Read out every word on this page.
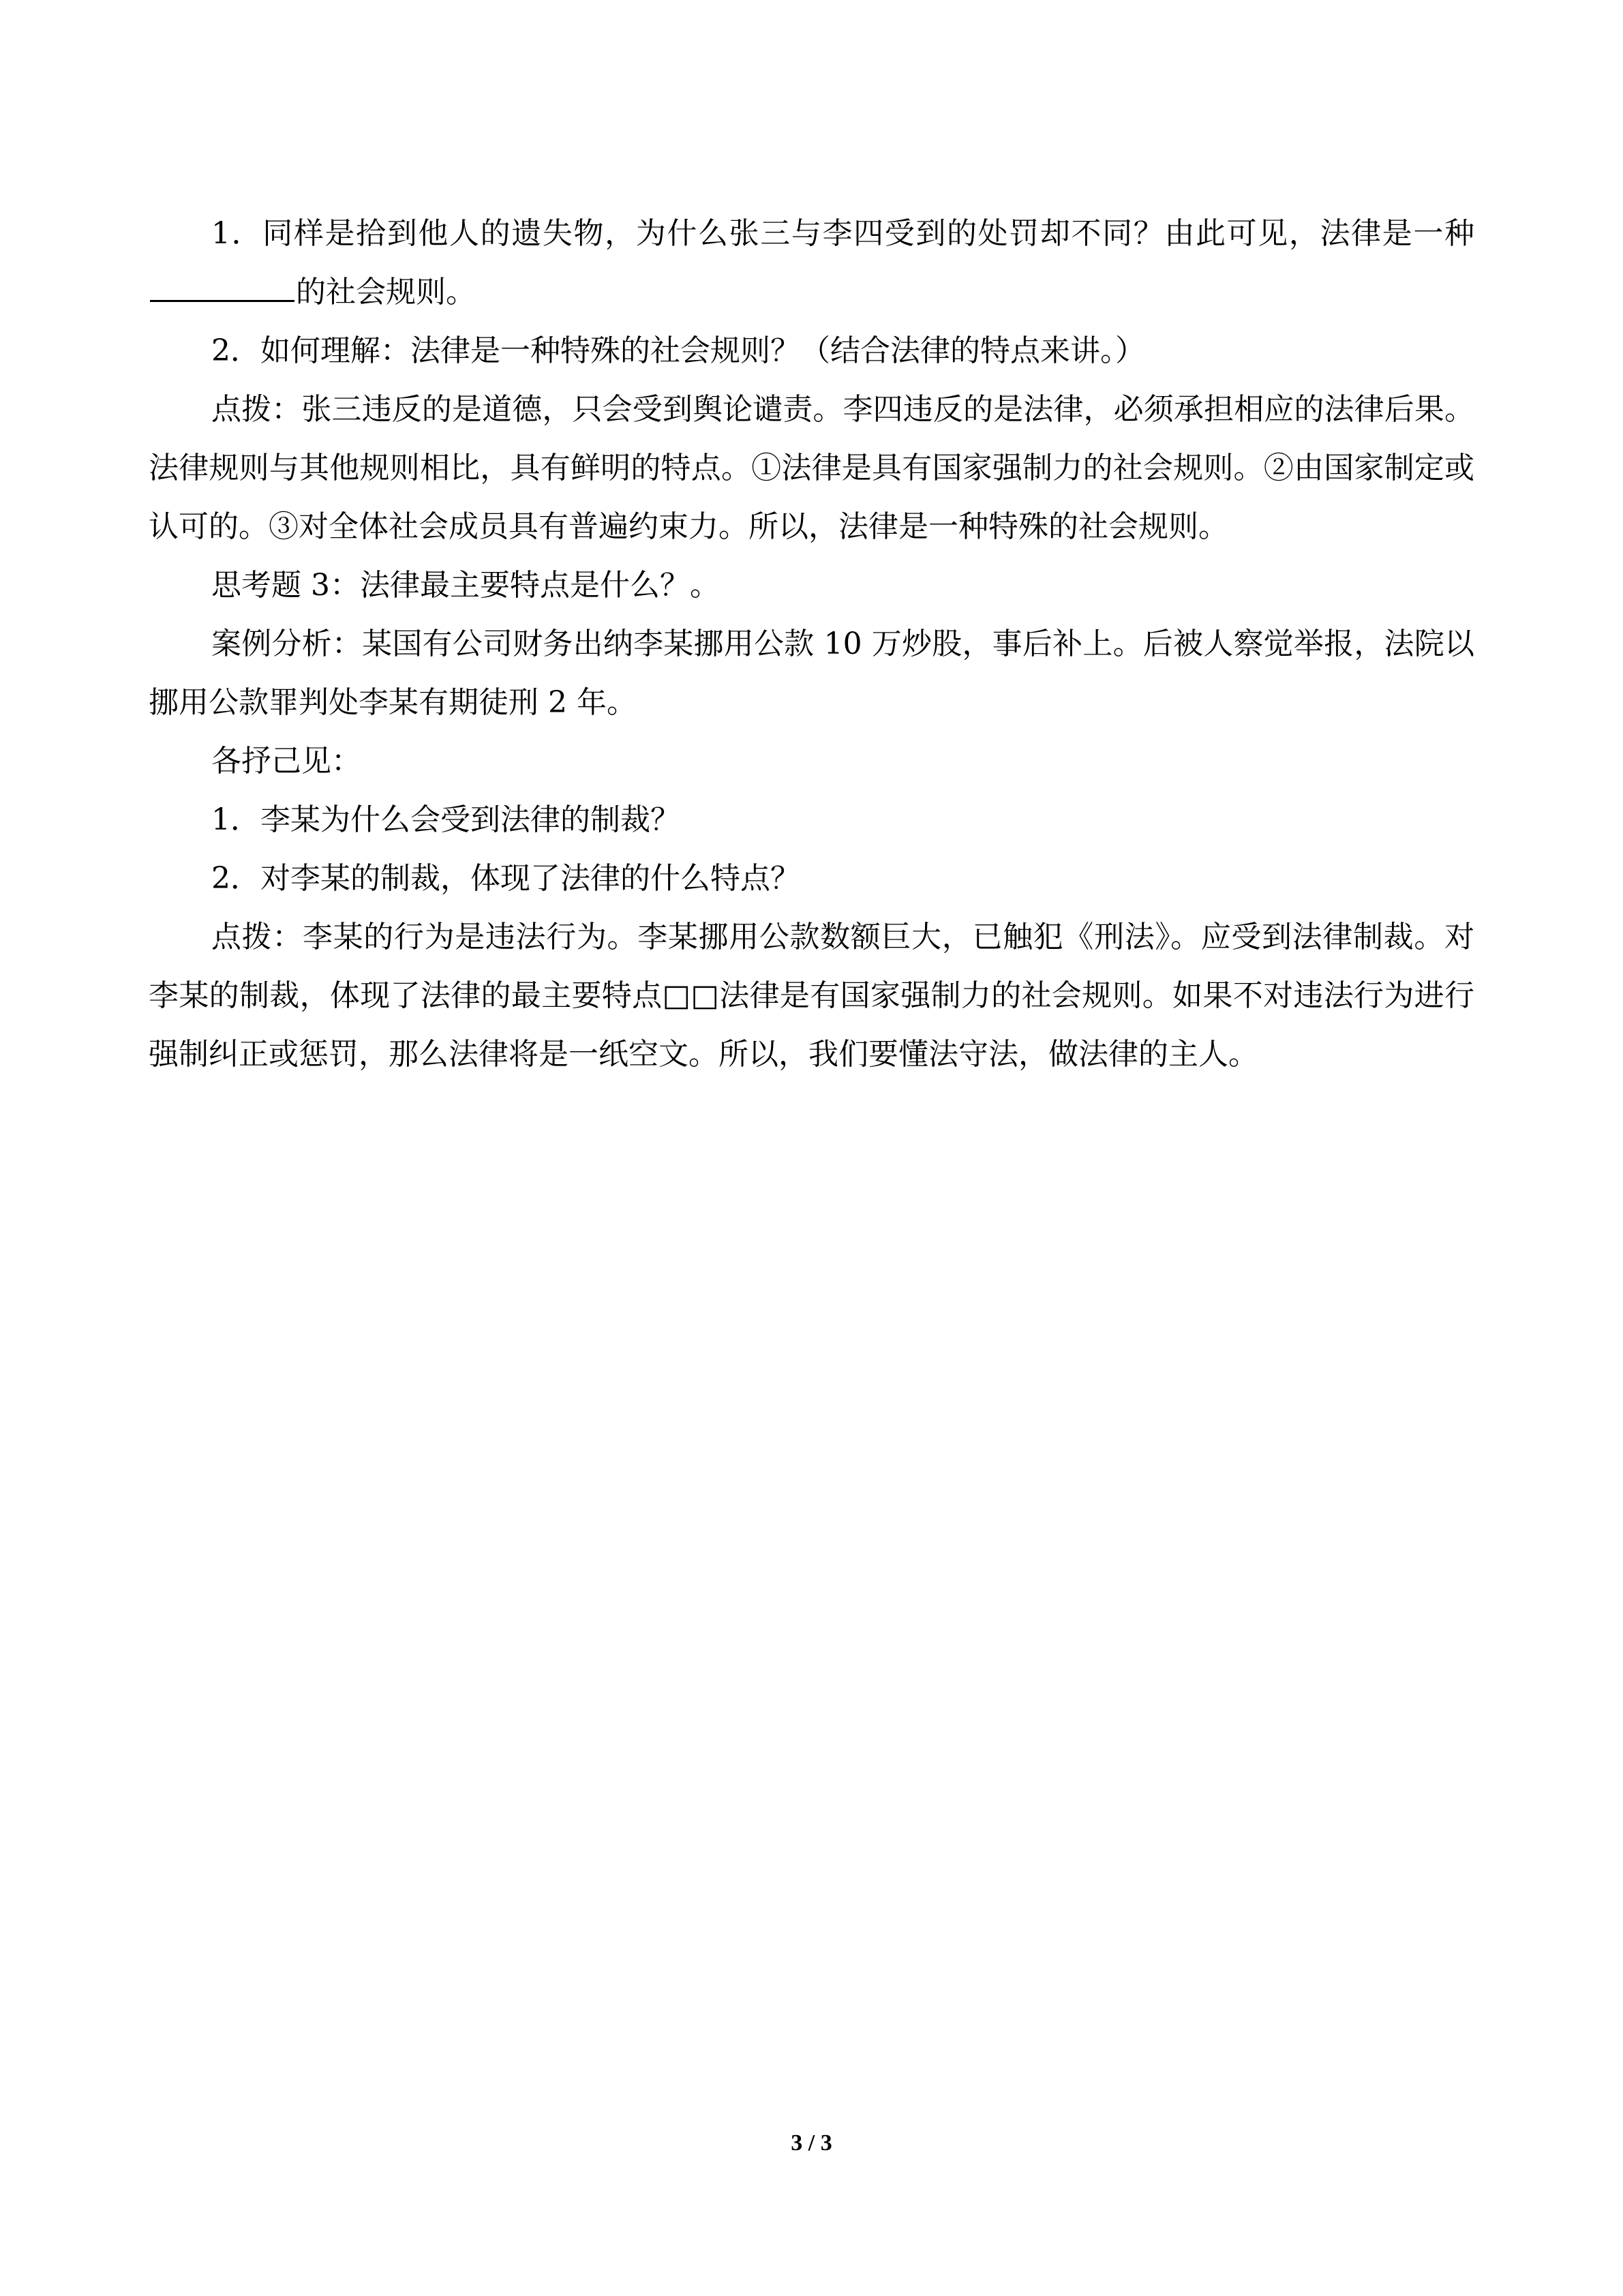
1．同样是拾到他人的遗失物，为什么张三与李四受到的处罚却不同？由此可见，法律是一种的社会规则。

2．如何理解：法律是一种特殊的社会规则？（结合法律的特点来讲。）

点拨：张三违反的是道德，只会受到舆论谴责。李四违反的是法律，必须承担相应的法律后果。法律规则与其他规则相比，具有鲜明的特点。①法律是具有国家强制力的社会规则。②由国家制定或认可的。③对全体社会成员具有普遍约束力。所以，法律是一种特殊的社会规则。

思考题 3：法律最主要特点是什么？。

案例分析：某国有公司财务出纳李某挪用公款 10 万炒股，事后补上。后被人察觉举报，法院以挪用公款罪判处李某有期徒刑 2 年。

各抒己见：

1．李某为什么会受到法律的制裁？

2．对李某的制裁，体现了法律的什么特点？

点拨：李某的行为是违法行为。李某挪用公款数额巨大，已触犯《刑法》。应受到法律制裁。对李某的制裁，体现了法律的最主要特点□□法律是有国家强制力的社会规则。如果不对违法行为进行强制纠正或惩罚，那么法律将是一纸空文。所以，我们要懂法守法，做法律的主人。

3 / 3
